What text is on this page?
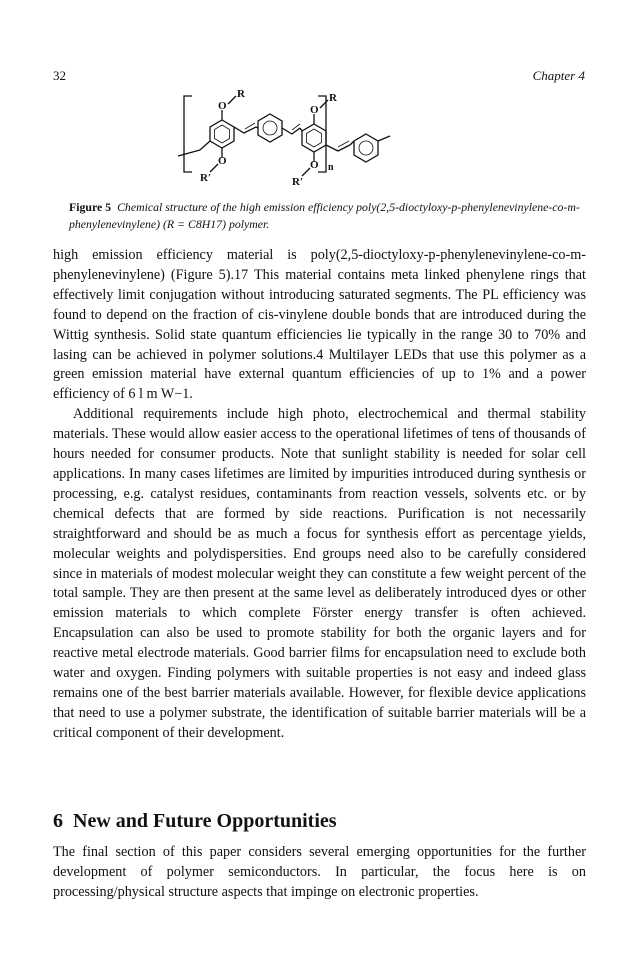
32	Chapter 4
O
R
O
R′
O
R
O
R′
n
Figure 5 Chemical structure of the high emission efficiency poly(2,5-dioctyloxy-p-phenylenevinylene-co-m-phenylenevinylene) (R = C8H17) polymer.

high emission efficiency material is poly(2,5-dioctyloxy-p-phenylenevinylene-co-m-phenylenevinylene) (Figure 5).17 This material contains meta linked phenylene rings that effectively limit conjugation without introducing saturated segments. The PL efficiency was found to depend on the fraction of cis-vinylene double bonds that are introduced during the Wittig synthesis. Solid state quantum efficiencies lie typically in the range 30 to 70% and lasing can be achieved in polymer solutions.4 Multilayer LEDs that use this polymer as a green emission material have external quantum efficiencies of up to 1% and a power efficiency of 6 l m W−1.

Additional requirements include high photo, electrochemical and thermal stability materials. These would allow easier access to the operational lifetimes of tens of thousands of hours needed for consumer products. Note that sunlight stability is needed for solar cell applications. In many cases lifetimes are limited by impurities introduced during synthesis or processing, e.g. catalyst residues, contaminants from reaction vessels, solvents etc. or by chemical defects that are formed by side reactions. Purification is not necessarily straightforward and should be as much a focus for synthesis effort as percentage yields, molecular weights and polydispersities. End groups need also to be carefully considered since in materials of modest molecular weight they can constitute a few weight percent of the total sample. They are then present at the same level as deliberately introduced dyes or other emission materials to which complete Förster energy transfer is often achieved. Encapsulation can also be used to promote stability for both the organic layers and for reactive metal electrode materials. Good barrier films for encapsulation need to exclude both water and oxygen. Finding polymers with suitable properties is not easy and indeed glass remains one of the best barrier materials available. However, for flexible device applications that need to use a polymer substrate, the identification of suitable barrier materials will be a critical component of their development.

6 New and Future Opportunities

The final section of this paper considers several emerging opportunities for the further development of polymer semiconductors. In particular, the focus here is on processing/physical structure aspects that impinge on electronic properties.
